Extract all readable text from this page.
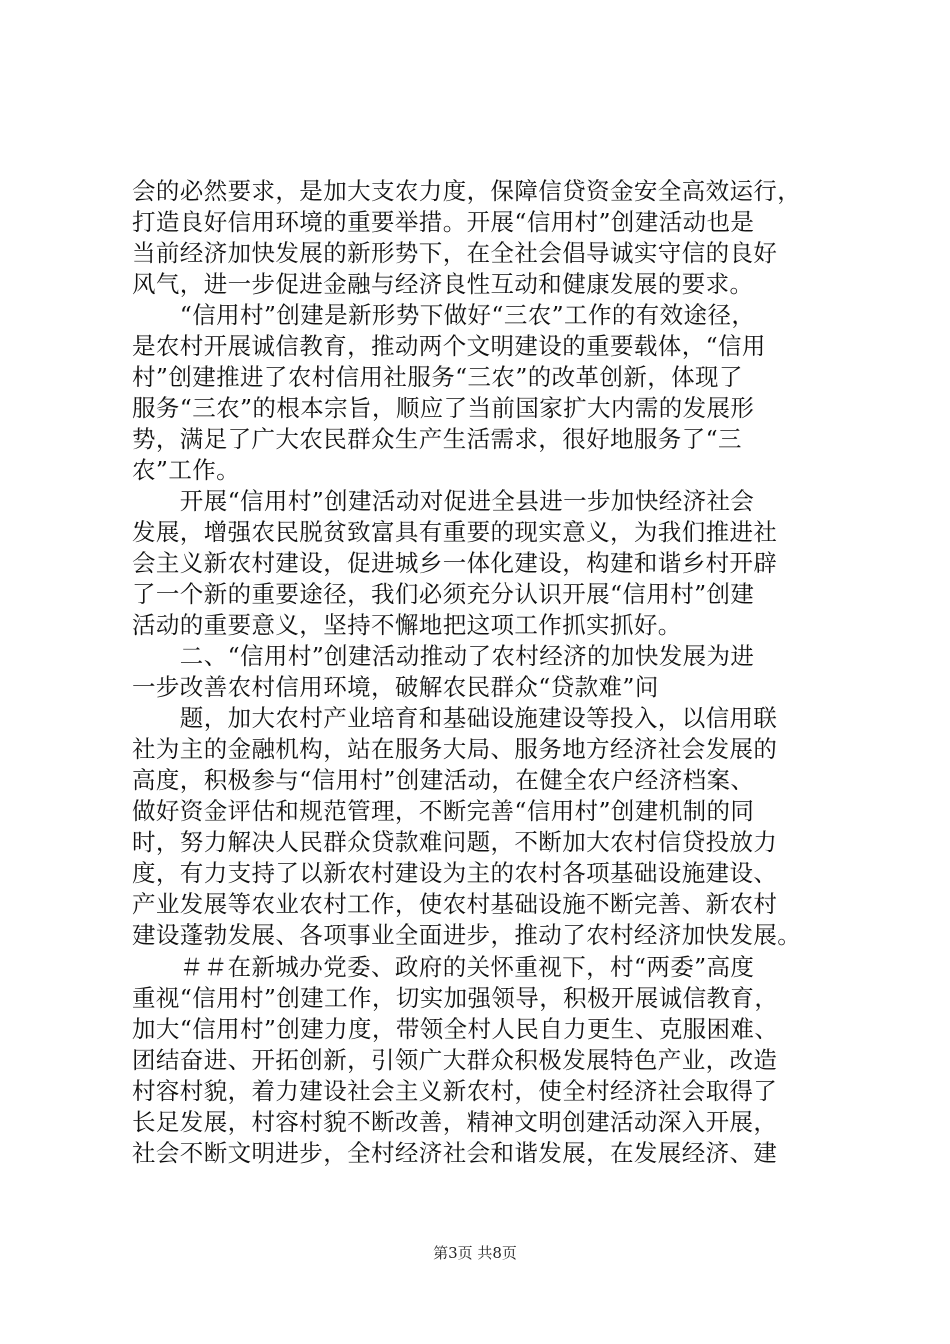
会的必然要求，是加大支农力度，保障信贷资金安全高效运行，
打造良好信用环境的重要举措。开展“信用村”创建活动也是
当前经济加快发展的新形势下，在全社会倡导诚实守信的良好
风气，进一步促进金融与经济良性互动和健康发展的要求。
　　“信用村”创建是新形势下做好“三农”工作的有效途径，
是农村开展诚信教育，推动两个文明建设的重要载体，“信用
村”创建推进了农村信用社服务“三农”的改革创新，体现了
服务“三农”的根本宗旨，顺应了当前国家扩大内需的发展形
势，满足了广大农民群众生产生活需求，很好地服务了“三
农”工作。
　　开展“信用村”创建活动对促进全县进一步加快经济社会
发展，增强农民脱贫致富具有重要的现实意义，为我们推进社
会主义新农村建设，促进城乡一体化建设，构建和谐乡村开辟
了一个新的重要途径，我们必须充分认识开展“信用村”创建
活动的重要意义，坚持不懈地把这项工作抓实抓好。
　　二、“信用村”创建活动推动了农村经济的加快发展为进
一步改善农村信用环境，破解农民群众“贷款难”问
　　题，加大农村产业培育和基础设施建设等投入，以信用联
社为主的金融机构，站在服务大局、服务地方经济社会发展的
高度，积极参与“信用村”创建活动，在健全农户经济档案、
做好资金评估和规范管理，不断完善“信用村”创建机制的同
时，努力解决人民群众贷款难问题，不断加大农村信贷投放力
度，有力支持了以新农村建设为主的农村各项基础设施建设、
产业发展等农业农村工作，使农村基础设施不断完善、新农村
建设蓬勃发展、各项事业全面进步，推动了农村经济加快发展。
　　＃＃在新城办党委、政府的关怀重视下，村“两委”高度
重视“信用村”创建工作，切实加强领导，积极开展诚信教育，
加大“信用村”创建力度，带领全村人民自力更生、克服困难、
团结奋进、开拓创新，引领广大群众积极发展特色产业，改造
村容村貌，着力建设社会主义新农村，使全村经济社会取得了
长足发展，村容村貌不断改善，精神文明创建活动深入开展，
社会不断文明进步，全村经济社会和谐发展，在发展经济、建
第3页 共8页
